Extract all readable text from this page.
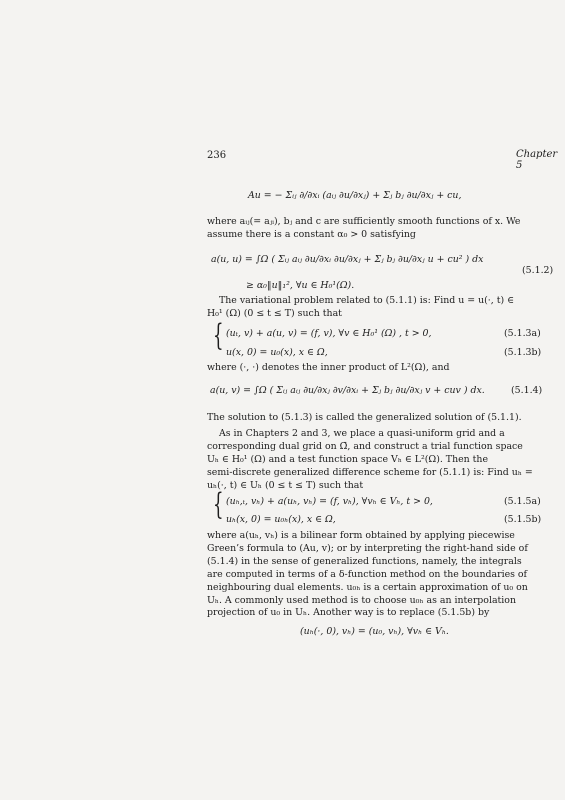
236	Chapter 5
Au = − Σᵢⱼ ∂/∂xᵢ (aᵢⱼ ∂u/∂xⱼ) + Σⱼ bⱼ ∂u/∂xⱼ + cu,
where aᵢⱼ(= aⱼᵢ), bⱼ and c are sufficiently smooth functions of x. We
assume there is a constant α₀ > 0 satisfying
a(u, u) = ∫Ω ( Σᵢⱼ aᵢⱼ ∂u/∂xᵢ ∂u/∂xⱼ + Σⱼ bⱼ ∂u/∂xⱼ u + cu² ) dx
≥ α₀‖u‖₁², ∀u ∈ H₀¹(Ω).
(5.1.2)
The variational problem related to (5.1.1) is: Find u = u(·, t) ∈
H₀¹ (Ω) (0 ≤ t ≤ T) such that
{ (uₜ, v) + a(u, v) = (f, v), ∀v ∈ H₀¹ (Ω) , t > 0,	(5.1.3a)
u(x, 0) = u₀(x), x ∈ Ω,	(5.1.3b)
where (·, ·) denotes the inner product of L²(Ω), and
a(u, v) = ∫Ω ( Σᵢⱼ aᵢⱼ ∂u/∂xⱼ ∂v/∂xᵢ + Σⱼ bⱼ ∂u/∂xⱼ v + cuv ) dx.	(5.1.4)
The solution to (5.1.3) is called the generalized solution of (5.1.1).
As in Chapters 2 and 3, we place a quasi-uniform grid and a
corresponding dual grid on Ω̄, and construct a trial function space
Uₕ ∈ H₀¹ (Ω) and a test function space Vₕ ∈ L²(Ω). Then the
semi-discrete generalized difference scheme for (5.1.1) is: Find uₕ =
uₕ(·, t) ∈ Uₕ (0 ≤ t ≤ T) such that
{ (uₕ,ₜ, vₕ) + a(uₕ, vₕ) = (f, vₕ), ∀vₕ ∈ Vₕ, t > 0,	(5.1.5a)
uₕ(x, 0) = u₀ₕ(x), x ∈ Ω,	(5.1.5b)
where a(uₕ, vₕ) is a bilinear form obtained by applying piecewise
Green’s formula to (Au, v); or by interpreting the right-hand side of
(5.1.4) in the sense of generalized functions, namely, the integrals
are computed in terms of a δ-function method on the boundaries of
neighbouring dual elements. u₀ₕ is a certain approximation of u₀ on
Uₕ. A commonly used method is to choose u₀ₕ as an interpolation
projection of u₀ in Uₕ. Another way is to replace (5.1.5b) by
(uₕ(·, 0), vₕ) = (u₀, vₕ), ∀vₕ ∈ Vₕ.
